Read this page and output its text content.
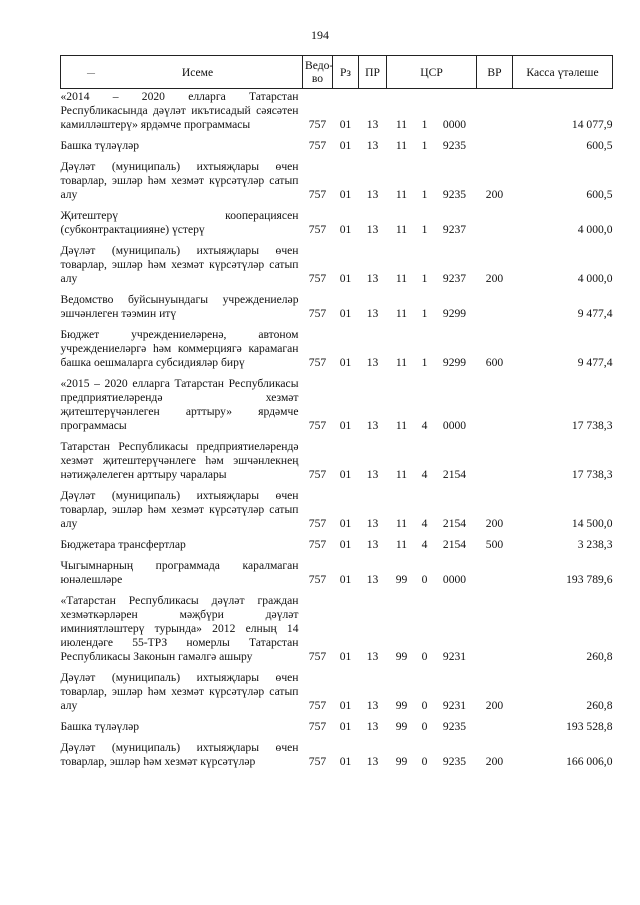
194
— Исеме	Ведо-во	Рз	ПР	ЦСР			ВР	Касса үтәлеше
«2014 – 2020 елларга Татарстан Республикасында дәүләт икътисадый сәясәтен камилләштерү» ярдәмче программасы	757	01	13	11	1	0000		14 077,9
Башка түләүләр	757	01	13	11	1	9235		600,5
Дәүләт (муниципаль) ихтыяҗлары өчен товарлар, эшләр һәм хезмәт күрсәтүләр сатып алу	757	01	13	11	1	9235	200	600,5
Җитештерү кооперациясен (субконтрактациияне) үстерү	757	01	13	11	1	9237		4 000,0
Дәүләт (муниципаль) ихтыяҗлары өчен товарлар, эшләр һәм хезмәт күрсәтүләр сатып алу	757	01	13	11	1	9237	200	4 000,0
Ведомство буйсынуындагы учреждениеләр эшчәнлеген тәэмин итү	757	01	13	11	1	9299		9 477,4
Бюджет учреждениеләренә, автоном учреждениеләргә һәм коммерциягә карамаган башка оешмаларга субсидияләр бирү	757	01	13	11	1	9299	600	9 477,4
«2015 – 2020 елларга Татарстан Республикасы предприятиеләрендә хезмәт җитештерүчәнлеген арттыру» ярдәмче программасы	757	01	13	11	4	0000		17 738,3
Татарстан Республикасы предприятиеләрендә хезмәт җитештерүчәнлеге һәм эшчәнлекнең нәтиҗәлелеген арттыру чаралары	757	01	13	11	4	2154		17 738,3
Дәүләт (муниципаль) ихтыяҗлары өчен товарлар, эшләр һәм хезмәт күрсәтүләр сатып алу	757	01	13	11	4	2154	200	14 500,0
Бюджетара трансфертлар	757	01	13	11	4	2154	500	3 238,3
Чыгымнарның программада каралмаган юнәлешләре	757	01	13	99	0	0000		193 789,6
«Татарстан Республикасы дәүләт граждан хезмәткәрләрен мәҗбүри дәүләт иминиятләштерү турында» 2012 елның 14 июлендәге 55-ТРЗ номерлы Татарстан Республикасы Законын гамәлгә ашыру	757	01	13	99	0	9231		260,8
Дәүләт (муниципаль) ихтыяҗлары өчен товарлар, эшләр һәм хезмәт күрсәтүләр сатып алу	757	01	13	99	0	9231	200	260,8
Башка түләүләр	757	01	13	99	0	9235		193 528,8
Дәүләт (муниципаль) ихтыяҗлары өчен товарлар, эшләр һәм хезмәт күрсәтүләр	757	01	13	99	0	9235	200	166 006,0
